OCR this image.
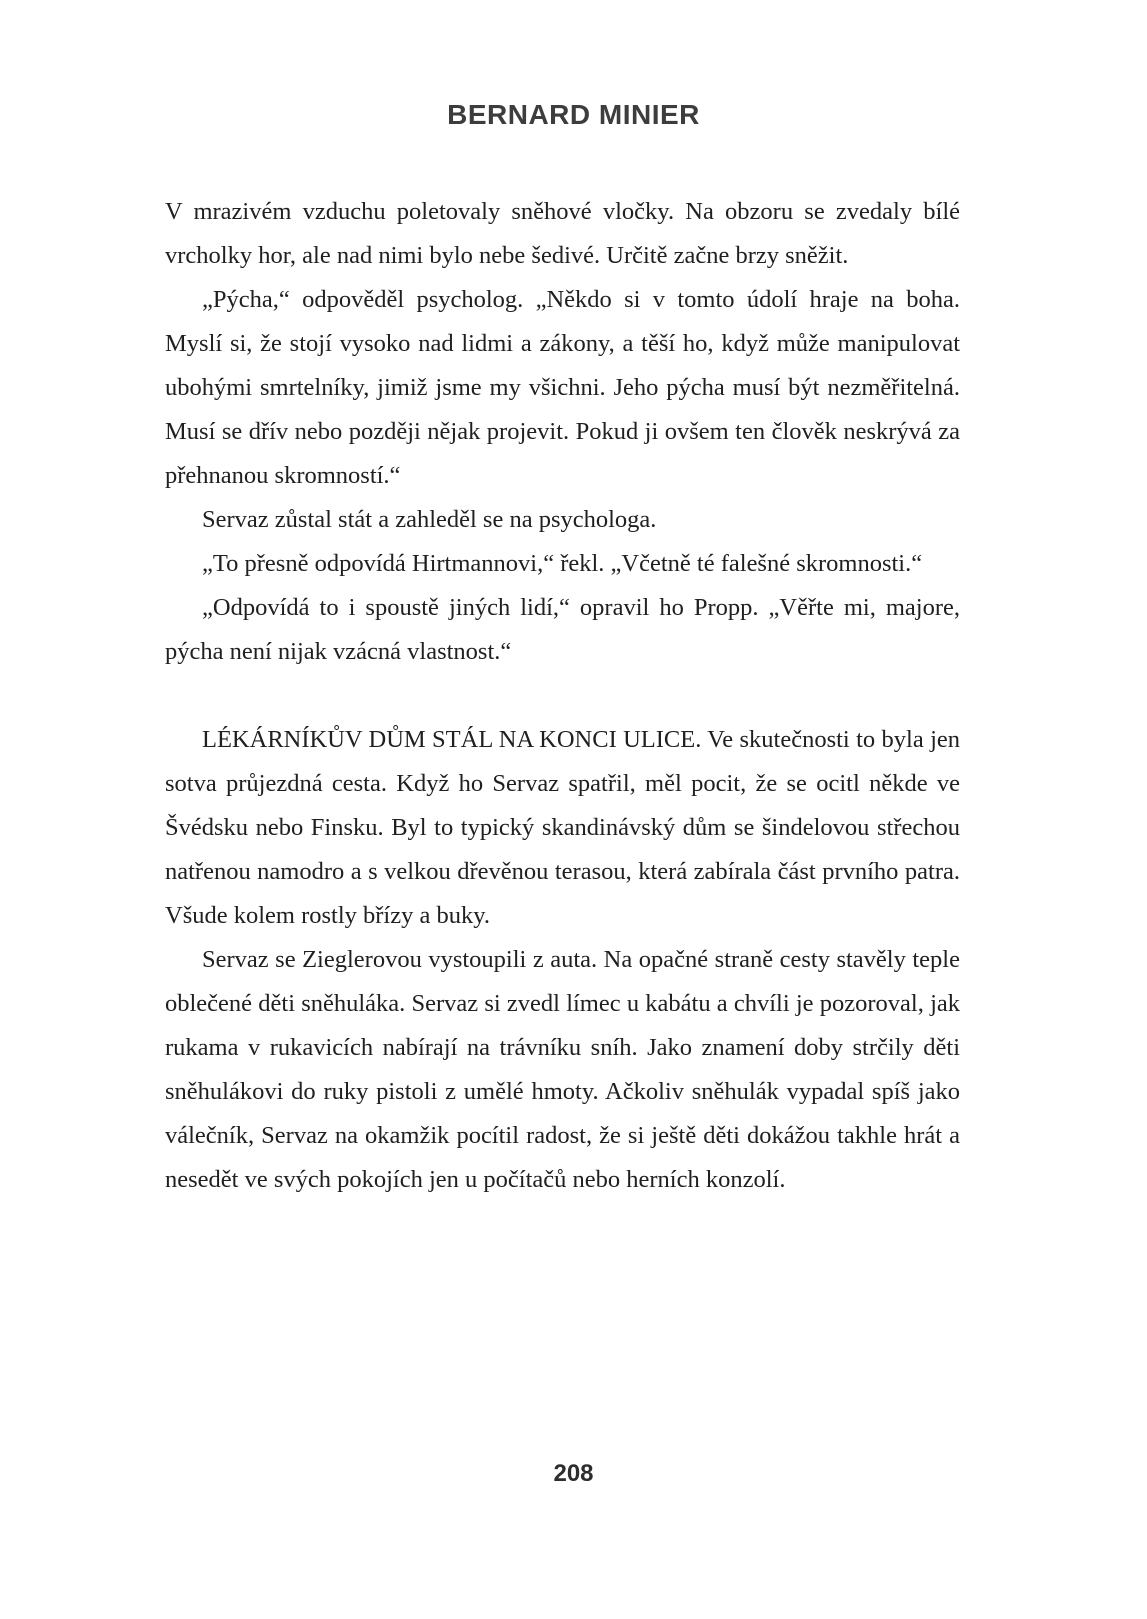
BERNARD MINIER

V mrazivém vzduchu poletovaly sněhové vločky. Na obzoru se zvedaly bílé vrcholky hor, ale nad nimi bylo nebe šedivé. Určitě začne brzy sněžit.

„Pýcha,“ odpověděl psycholog. „Někdo si v tomto údolí hraje na boha. Myslí si, že stojí vysoko nad lidmi a zákony, a těší ho, když může manipulovat ubohými smrtelníky, jimiž jsme my všichni. Jeho pýcha musí být nezměřitelná. Musí se dřív nebo později nějak projevit. Pokud ji ovšem ten člověk neskrývá za přehnanou skromností.“

Servaz zůstal stát a zahleděl se na psychologa.

„To přesně odpovídá Hirtmannovi,“ řekl. „Včetně té falešné skromnosti.“

„Odpovídá to i spoustě jiných lidí,“ opravil ho Propp. „Věřte mi, majore, pýcha není nijak vzácná vlastnost.“

LÉKÁRNÍKŮV DŮM STÁL NA KONCI ULICE. Ve skutečnosti to byla jen sotva průjezdná cesta. Když ho Servaz spatřil, měl pocit, že se ocitl někde ve Švédsku nebo Finsku. Byl to typický skandinávský dům se šindelovou střechou natřenou namodro a s velkou dřevěnou terasou, která zabírala část prvního patra. Všude kolem rostly břízy a buky.

Servaz se Zieglerovou vystoupili z auta. Na opačné straně cesty stavěly teple oblečené děti sněhuláka. Servaz si zvedl límec u kabátu a chvíli je pozoroval, jak rukama v rukavicích nabírají na trávníku sníh. Jako znamení doby strčily děti sněhulákovi do ruky pistoli z umělé hmoty. Ačkoliv sněhulák vypadal spíš jako válečník, Servaz na okamžik pocítil radost, že si ještě děti dokážou takhle hrát a nesedět ve svých pokojích jen u počítačů nebo herních konzolí.

208
